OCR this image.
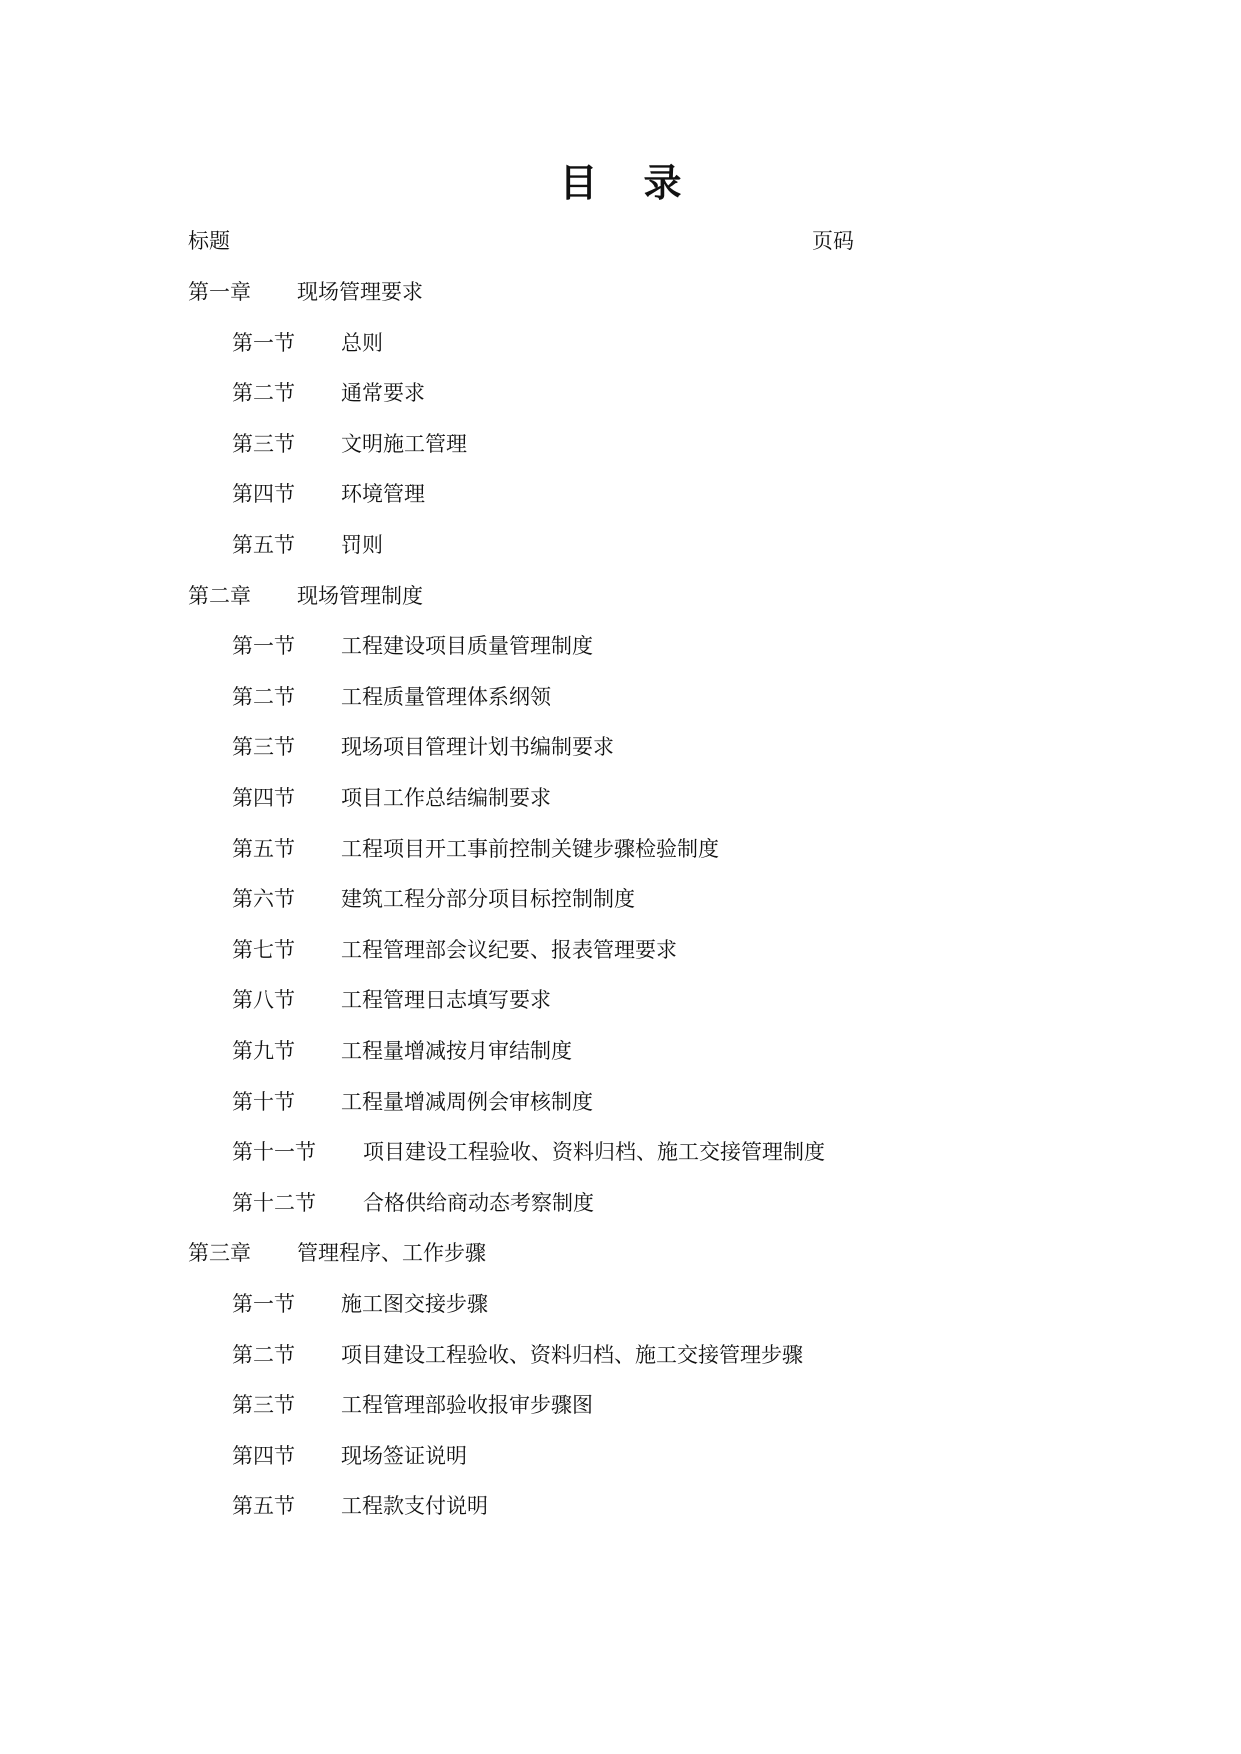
目录
标题	页码
第一章 现场管理要求
第一节 总则
第二节 通常要求
第三节 文明施工管理
第四节 环境管理
第五节 罚则
第二章 现场管理制度
第一节 工程建设项目质量管理制度
第二节 工程质量管理体系纲领
第三节 现场项目管理计划书编制要求
第四节 项目工作总结编制要求
第五节 工程项目开工事前控制关键步骤检验制度
第六节 建筑工程分部分项目标控制制度
第七节 工程管理部会议纪要、报表管理要求
第八节 工程管理日志填写要求
第九节 工程量增减按月审结制度
第十节 工程量增减周例会审核制度
第十一节 项目建设工程验收、资料归档、施工交接管理制度
第十二节 合格供给商动态考察制度
第三章 管理程序、工作步骤
第一节 施工图交接步骤
第二节 项目建设工程验收、资料归档、施工交接管理步骤
第三节 工程管理部验收报审步骤图
第四节 现场签证说明
第五节 工程款支付说明
